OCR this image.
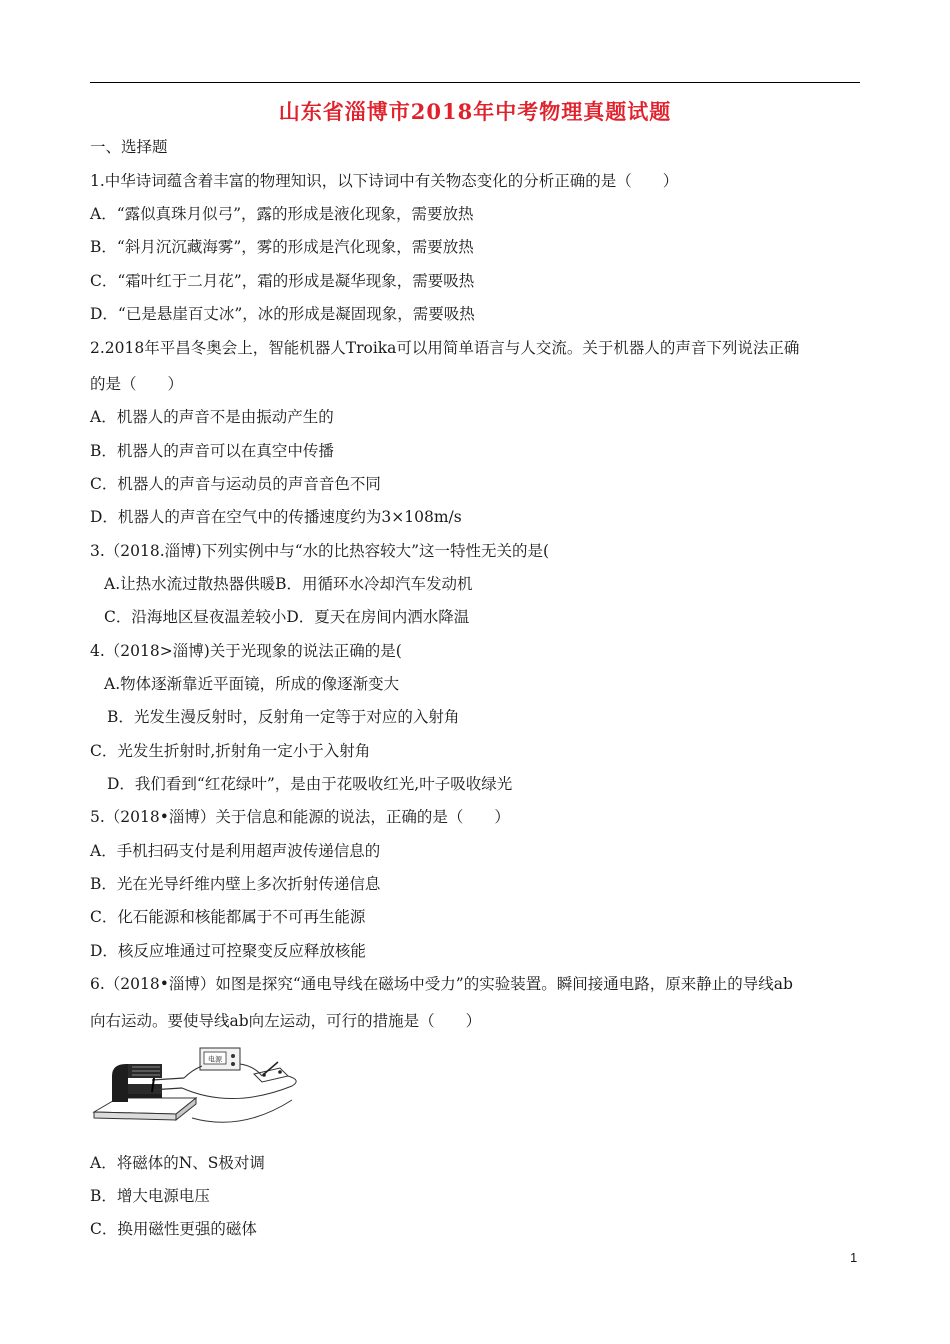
山东省淄博市2018年中考物理真题试题
一、选择题
1.中华诗词蕴含着丰富的物理知识，以下诗词中有关物态变化的分析正确的是（　　）
A．“露似真珠月似弓”，露的形成是液化现象，需要放热
B．“斜月沉沉藏海雾”，雾的形成是汽化现象，需要放热
C．“霜叶红于二月花”，霜的形成是凝华现象，需要吸热
D．“已是悬崖百丈冰”，冰的形成是凝固现象，需要吸热
2.2018年平昌冬奥会上，智能机器人Troika可以用简单语言与人交流。关于机器人的声音下列说法正确
的是（　　）
A．机器人的声音不是由振动产生的
B．机器人的声音可以在真空中传播
C．机器人的声音与运动员的声音音色不同
D．机器人的声音在空气中的传播速度约为3×108m/s
3.（2018.淄博)下列实例中与“水的比热容较大”这一特性无关的是(
A.让热水流过散热器供暖B．用循环水冷却汽车发动机
C．沿海地区昼夜温差较小D．夏天在房间内洒水降温
4.（2018>淄博)关于光现象的说法正确的是(
A.物体逐渐靠近平面镜，所成的像逐渐变大
B．光发生漫反射时，反射角一定等于对应的入射角
C．光发生折射时,折射角一定小于入射角
D．我们看到“红花绿叶”，是由于花吸收红光,叶子吸收绿光
5.（2018•淄博）关于信息和能源的说法，正确的是（　　）
A．手机扫码支付是利用超声波传递信息的
B．光在光导纤维内壁上多次折射传递信息
C．化石能源和核能都属于不可再生能源
D．核反应堆通过可控聚变反应释放核能
6.（2018•淄博）如图是探究“通电导线在磁场中受力”的实验装置。瞬间接通电路，原来静止的导线ab
向右运动。要使导线ab向左运动，可行的措施是（　　）
电源
A．将磁体的N、S极对调
B．增大电源电压
C．换用磁性更强的磁体
1
